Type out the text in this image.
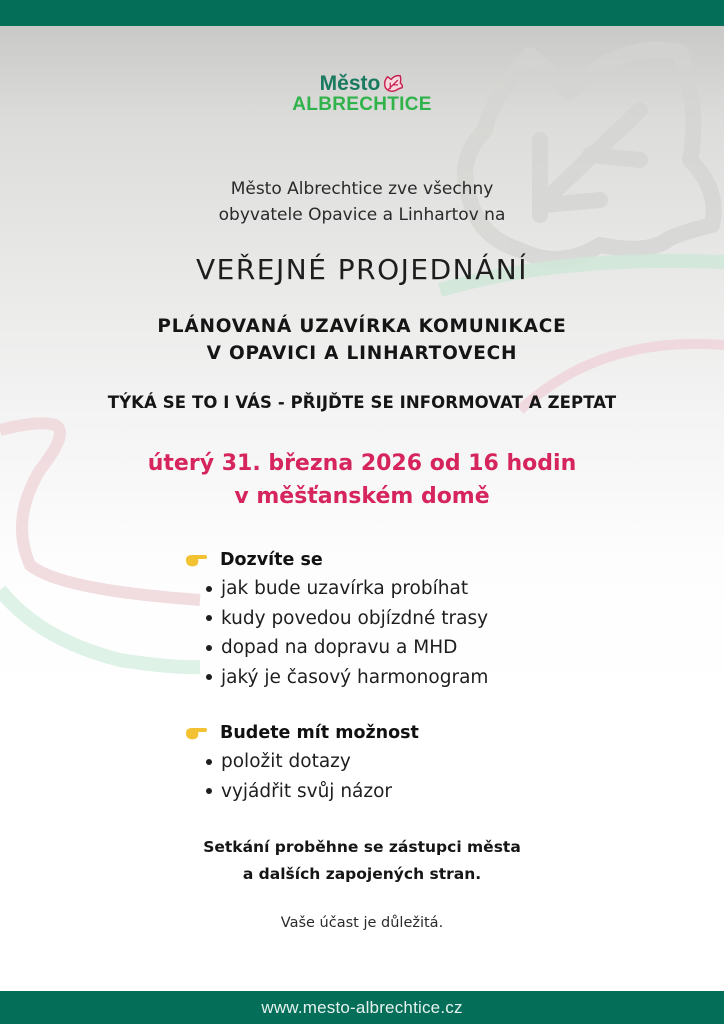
Město
ALBRECHTICE
Město Albrechtice zve všechny
obyvatele Opavice a Linhartov na
VEŘEJNÉ PROJEDNÁNÍ
PLÁNOVANÁ UZAVÍRKA KOMUNIKACE
V OPAVICI A LINHARTOVECH
TÝKÁ SE TO I VÁS - PŘIJĎTE SE INFORMOVAT A ZEPTAT
úterý 31. března 2026 od 16 hodin
v měšťanském domě
Dozvíte se
jak bude uzavírka probíhat
kudy povedou objízdné trasy
dopad na dopravu a MHD
jaký je časový harmonogram
Budete mít možnost
položit dotazy
vyjádřit svůj názor
Setkání proběhne se zástupci města
a dalších zapojených stran.
Vaše účast je důležitá.
www.mesto-albrechtice.cz
